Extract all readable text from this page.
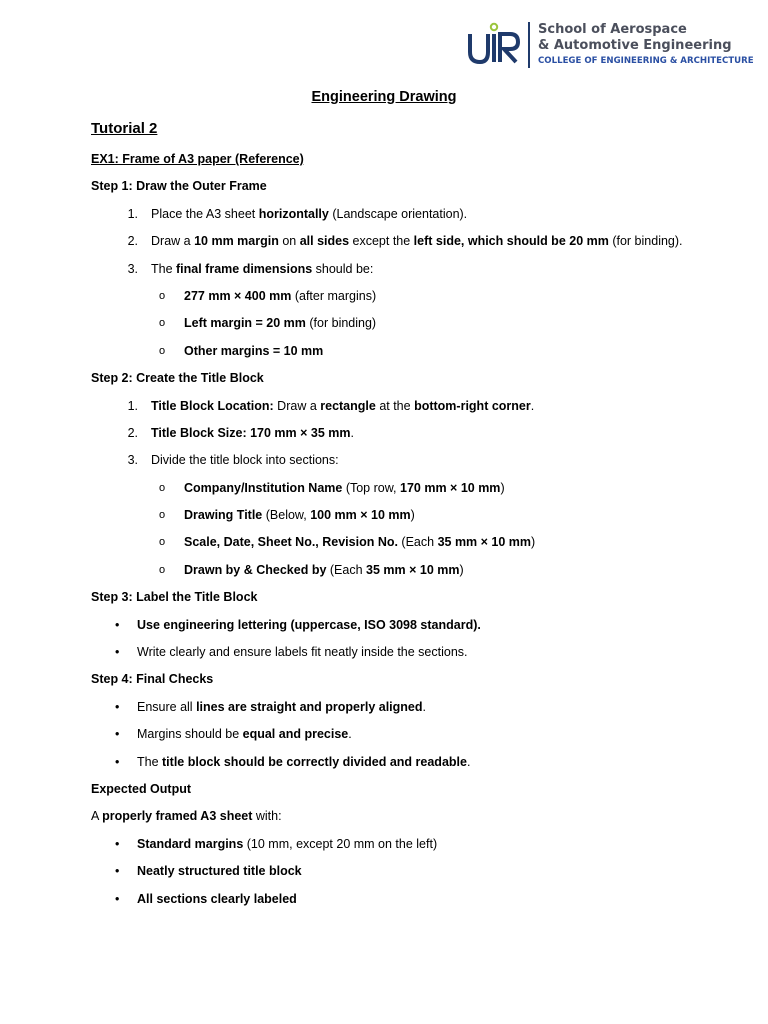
School of Aerospace
& Automotive Engineering
COLLEGE OF ENGINEERING & ARCHITECTURE
Engineering Drawing
Tutorial 2
EX1: Frame of A3 paper (Reference)
Step 1: Draw the Outer Frame
1. Place the A3 sheet horizontally (Landscape orientation).
2. Draw a 10 mm margin on all sides except the left side, which should be 20 mm (for binding).
3. The final frame dimensions should be:
o	277 mm × 400 mm (after margins)
o	Left margin = 20 mm (for binding)
o	Other margins = 10 mm
Step 2: Create the Title Block
1. Title Block Location: Draw a rectangle at the bottom-right corner.
2. Title Block Size: 170 mm × 35 mm.
3. Divide the title block into sections:
o	Company/Institution Name (Top row, 170 mm × 10 mm)
o	Drawing Title (Below, 100 mm × 10 mm)
o	Scale, Date, Sheet No., Revision No. (Each 35 mm × 10 mm)
o	Drawn by & Checked by (Each 35 mm × 10 mm)
Step 3: Label the Title Block
•	Use engineering lettering (uppercase, ISO 3098 standard).
•	Write clearly and ensure labels fit neatly inside the sections.
Step 4: Final Checks
•	Ensure all lines are straight and properly aligned.
•	Margins should be equal and precise.
•	The title block should be correctly divided and readable.
Expected Output
A properly framed A3 sheet with:
•	Standard margins (10 mm, except 20 mm on the left)
•	Neatly structured title block
•	All sections clearly labeled
